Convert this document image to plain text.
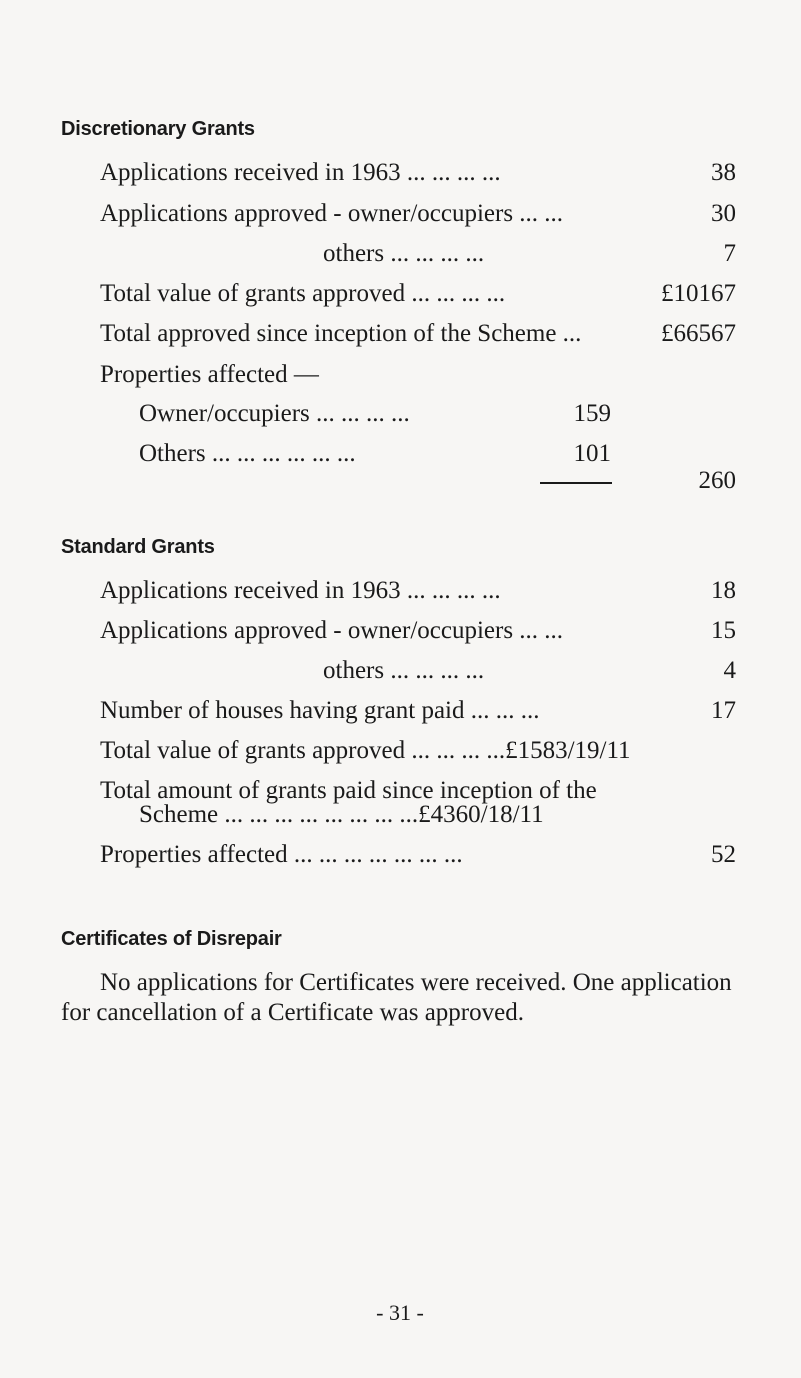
Discretionary Grants
Applications received in 1963 ... ... ... ...	38
Applications approved - owner/occupiers ... ...	30
others ... ... ... ...	7
Total value of grants approved ... ... ... ...	£10167
Total approved since inception of the Scheme ...	£66567
Properties affected —
Owner/occupiers ... ... ... ...	159
Others ... ... ... ... ... ...	101
260
Standard Grants
Applications received in 1963 ... ... ... ...	18
Applications approved - owner/occupiers ... ...	15
others ... ... ... ...	4
Number of houses having grant paid ... ... ...	17
Total value of grants approved ... ... ... ...£1583/19/11
Total amount of grants paid since inception of the
Scheme ... ... ... ... ... ... ... ...£4360/18/11
Properties affected ... ... ... ... ... ... ...	52
Certificates of Disrepair

No applications for Certificates were received. One application for cancellation of a Certificate was approved.

- 31 -
